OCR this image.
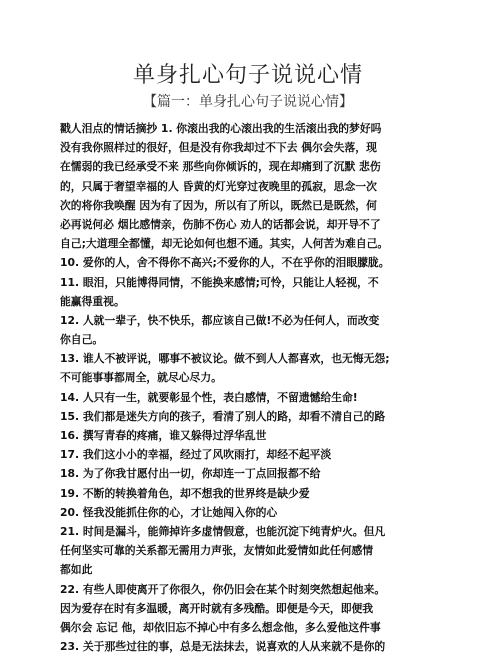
单身扎心句子说说心情
【篇一：单身扎心句子说说心情】
戳人泪点的情话摘抄 1. 你滚出我的心滚出我的生活滚出我的梦好吗
没有我你照样过的很好，但是没有你我却过不下去 偶尔会失落，现
在懦弱的我已经承受不来 那些向你倾诉的，现在却痛到了沉默 悲伤
的，只属于奢望幸福的人 昏黄的灯光穿过夜晚里的孤寂，思念一次
次的将你我唤醒 因为有了因为，所以有了所以，既然已是既然，何
必再说何必 烟比感情亲，伤肺不伤心 劝人的话都会说，却开导不了
自己;大道理全都懂，却无论如何也想不通。其实，人何苦为难自己。
10. 爱你的人，舍不得你不高兴;不爱你的人，不在乎你的泪眼朦胧。
11. 眼泪，只能博得同情，不能换来感情;可怜，只能让人轻视，不
能赢得重视。
12. 人就一辈子，快不快乐，都应该自己做!不必为任何人，而改变
你自己。
13. 谁人不被评说，哪事不被议论。做不到人人都喜欢，也无悔无怨;
不可能事事都周全，就尽心尽力。
14. 人只有一生，就要彰显个性，表白感情，不留遗憾给生命!
15. 我们都是迷失方向的孩子，看清了别人的路，却看不清自己的路
16. 撰写青春的疼痛，谁又躲得过浮华乱世
17. 我们这小小的幸福，经过了风吹雨打，却经不起平淡
18. 为了你我甘愿付出一切，你却连一丁点回报都不给
19. 不断的转换着角色，却不想我的世界终是缺少爱
20. 怪我没能抓住你的心，才让她闯入你的心
21. 时间是漏斗，能筛掉许多虚情假意，也能沉淀下纯青炉火。但凡
任何坚实可靠的关系都无需用力声张，友情如此爱情如此任何感情
都如此
22. 有些人即使离开了你很久，你仍旧会在某个时刻突然想起他来。
因为爱存在时有多温暖，离开时就有多残酷。即便是今天，即便我
偶尔会 忘记 他，却依旧忘不掉心中有多么想念他，多么爱他这件事
23. 关于那些过往的事，总是无法抹去，说喜欢的人从来就不是你的
